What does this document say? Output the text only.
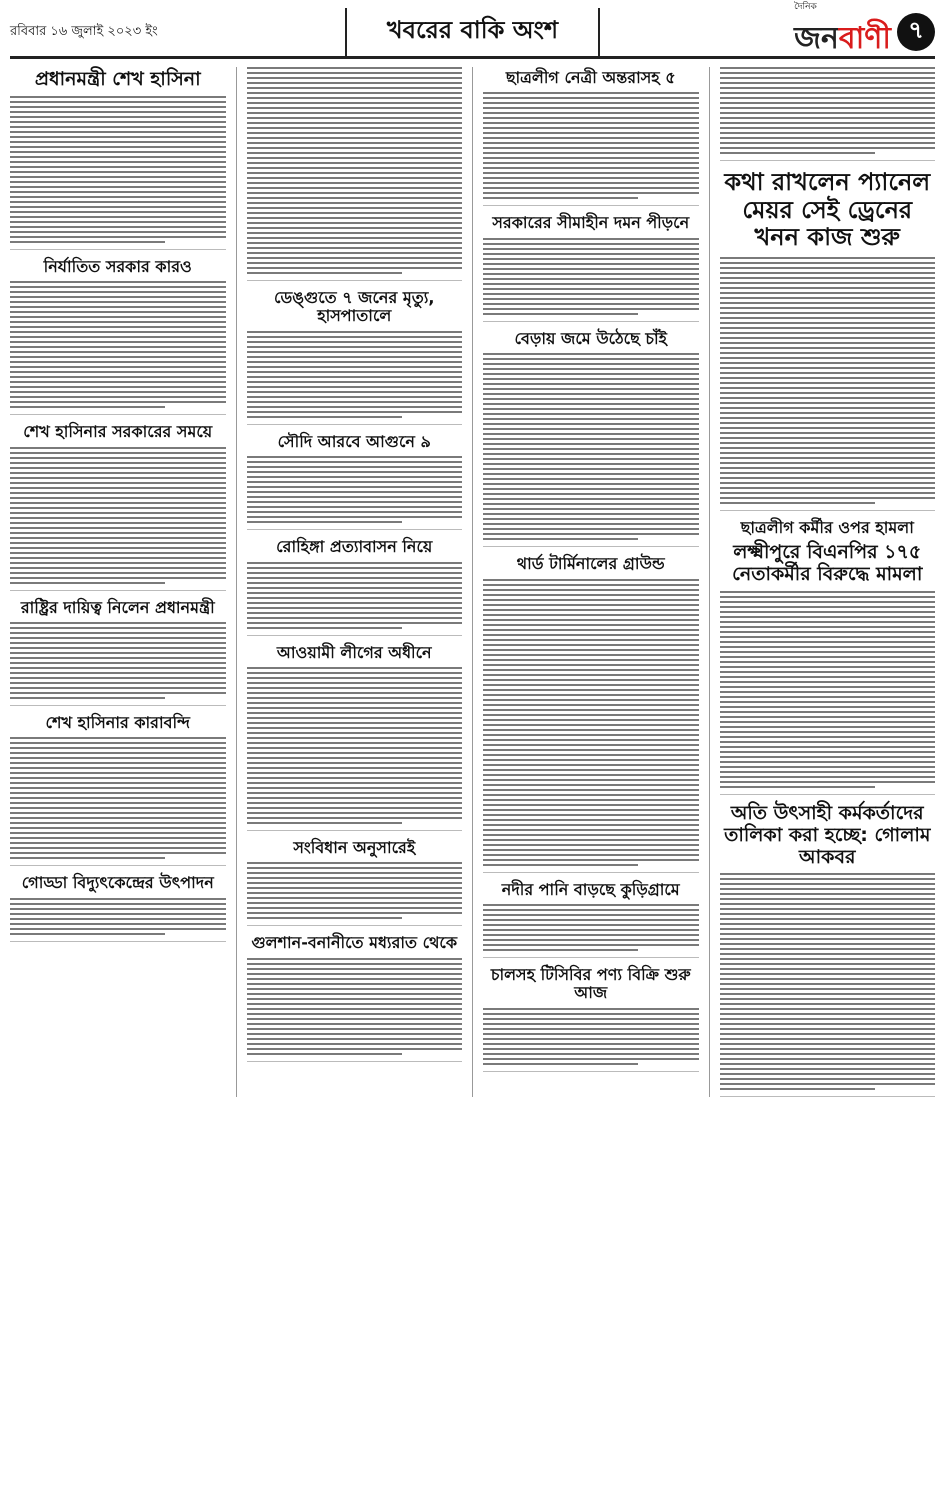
রবিবার ১৬ জুলাই ২০২৩ ইং	খবরের বাকি অংশ
দৈনিক
জনবাণী ৭
প্রধানমন্ত্রী শেখ হাসিনা
নির্যাতিত সরকার কারও
শেখ হাসিনার সরকারের সময়ে
রাষ্ট্রির দায়িত্ব নিলেন প্রধানমন্ত্রী
শেখ হাসিনার কারাবন্দি
গোড্ডা বিদ্যুৎকেন্দ্রের উৎপাদন
ডেঙ্গুতে ৭ জনের মৃত্যু, হাসপাতালে
সৌদি আরবে আগুনে ৯
রোহিঙ্গা প্রত্যাবাসন নিয়ে
আওয়ামী লীগের অধীনে
সংবিধান অনুসারেই
গুলশান-বনানীতে মধ্যরাত থেকে
ছাত্রলীগ নেত্রী অন্তরাসহ ৫
সরকারের সীমাহীন দমন পীড়নে
বেড়ায় জমে উঠেছে চাঁই
থার্ড টার্মিনালের গ্রাউন্ড
নদীর পানি বাড়ছে কুড়িগ্রামে
চালসহ টিসিবির পণ্য বিক্রি শুরু আজ
কথা রাখলেন প্যানেল মেয়র সেই ড্রেনের খনন কাজ শুরু
ছাত্রলীগ কর্মীর ওপর হামলা
লক্ষ্মীপুরে বিএনপির ১৭৫ নেতাকর্মীর বিরুদ্ধে মামলা
অতি উৎসাহী কর্মকর্তাদের তালিকা করা হচ্ছে: গোলাম আকবর
